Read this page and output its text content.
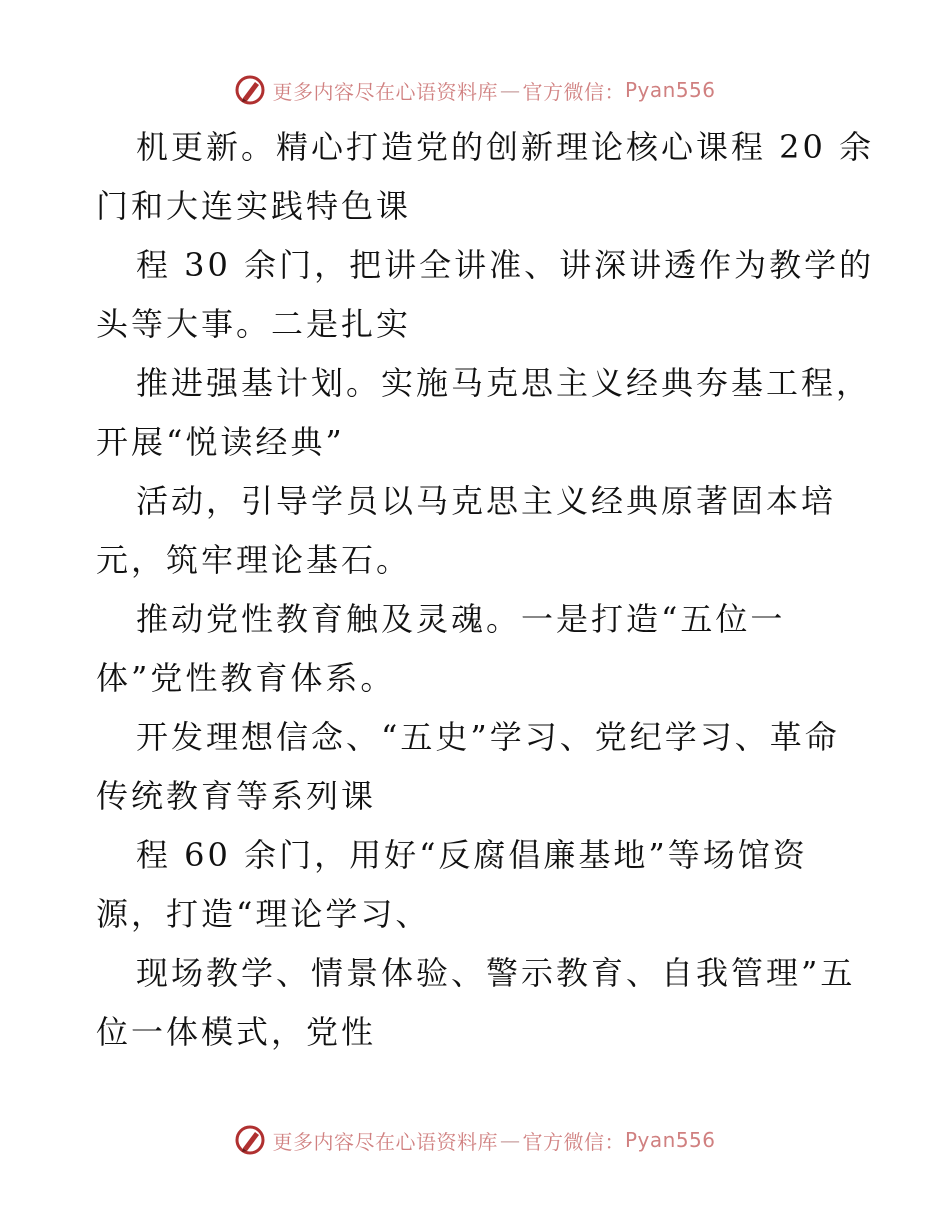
更多内容尽在心语资料库 — 官方微信： Pyan556
机更新。精心打造党的创新理论核心课程 20 余
门和大连实践特色课
程 30 余门，把讲全讲准、讲深讲透作为教学的
头等大事。二是扎实
推进强基计划。实施马克思主义经典夯基工程，
开展“悦读经典”
活动，引导学员以马克思主义经典原著固本培
元，筑牢理论基石。
推动党性教育触及灵魂。一是打造“五位一
体”党性教育体系。
开发理想信念、“五史”学习、党纪学习、革命
传统教育等系列课
程 60 余门，用好“反腐倡廉基地”等场馆资
源，打造“理论学习、
现场教学、情景体验、警示教育、自我管理”五
位一体模式，党性
更多内容尽在心语资料库 — 官方微信： Pyan556
